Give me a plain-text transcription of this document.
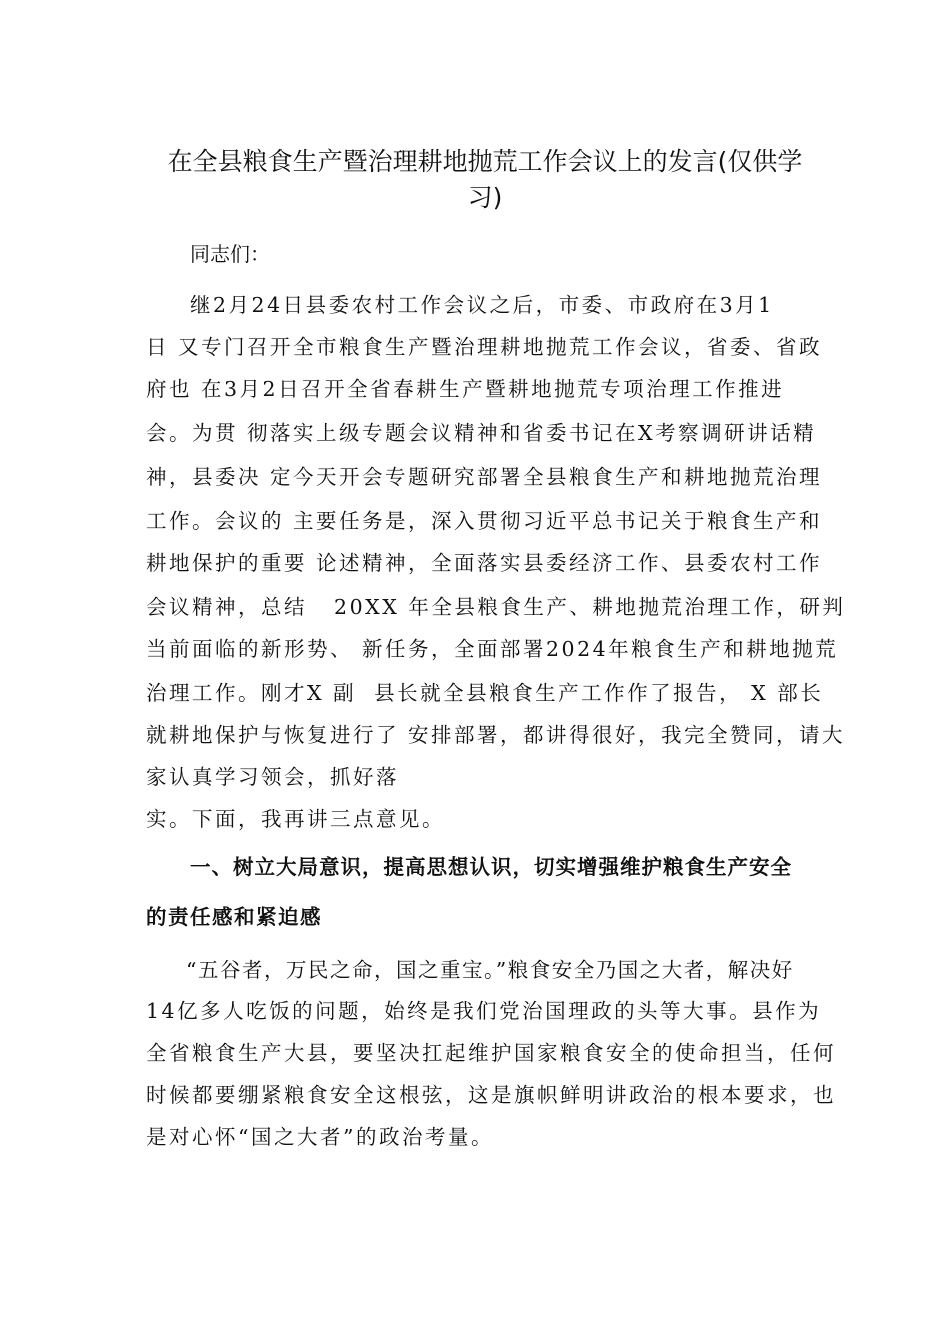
在全县粮食生产暨治理耕地抛荒工作会议上的发言(仅供学习)
同志们：
继2月24日县委农村工作会议之后，市委、市政府在3月1
日 又专门召开全市粮食生产暨治理耕地抛荒工作会议，省委、省政
府也 在3月2日召开全省春耕生产暨耕地抛荒专项治理工作推进
会。为贯 彻落实上级专题会议精神和省委书记在X考察调研讲话精
神，县委决 定今天开会专题研究部署全县粮食生产和耕地抛荒治理
工作。会议的 主要任务是，深入贯彻习近平总书记关于粮食生产和
耕地保护的重要 论述精神，全面落实县委经济工作、县委农村工作
会议精神，总结   20XX 年全县粮食生产、耕地抛荒治理工作，研判
当前面临的新形势、 新任务，全面部署2024年粮食生产和耕地抛荒
治理工作。刚才X 副  县长就全县粮食生产工作作了报告， X 部长
就耕地保护与恢复进行了 安排部署，都讲得很好，我完全赞同，请大
家认真学习领会，抓好落
实。下面，我再讲三点意见。
一、树立大局意识，提高思想认识，切实增强维护粮食生产安全
的责任感和紧迫感
“五谷者，万民之命，国之重宝。”粮食安全乃国之大者，解决好
14亿多人吃饭的问题，始终是我们党治国理政的头等大事。县作为
全省粮食生产大县，要坚决扛起维护国家粮食安全的使命担当，任何
时候都要绷紧粮食安全这根弦，这是旗帜鲜明讲政治的根本要求，也
是对心怀“国之大者”的政治考量。
